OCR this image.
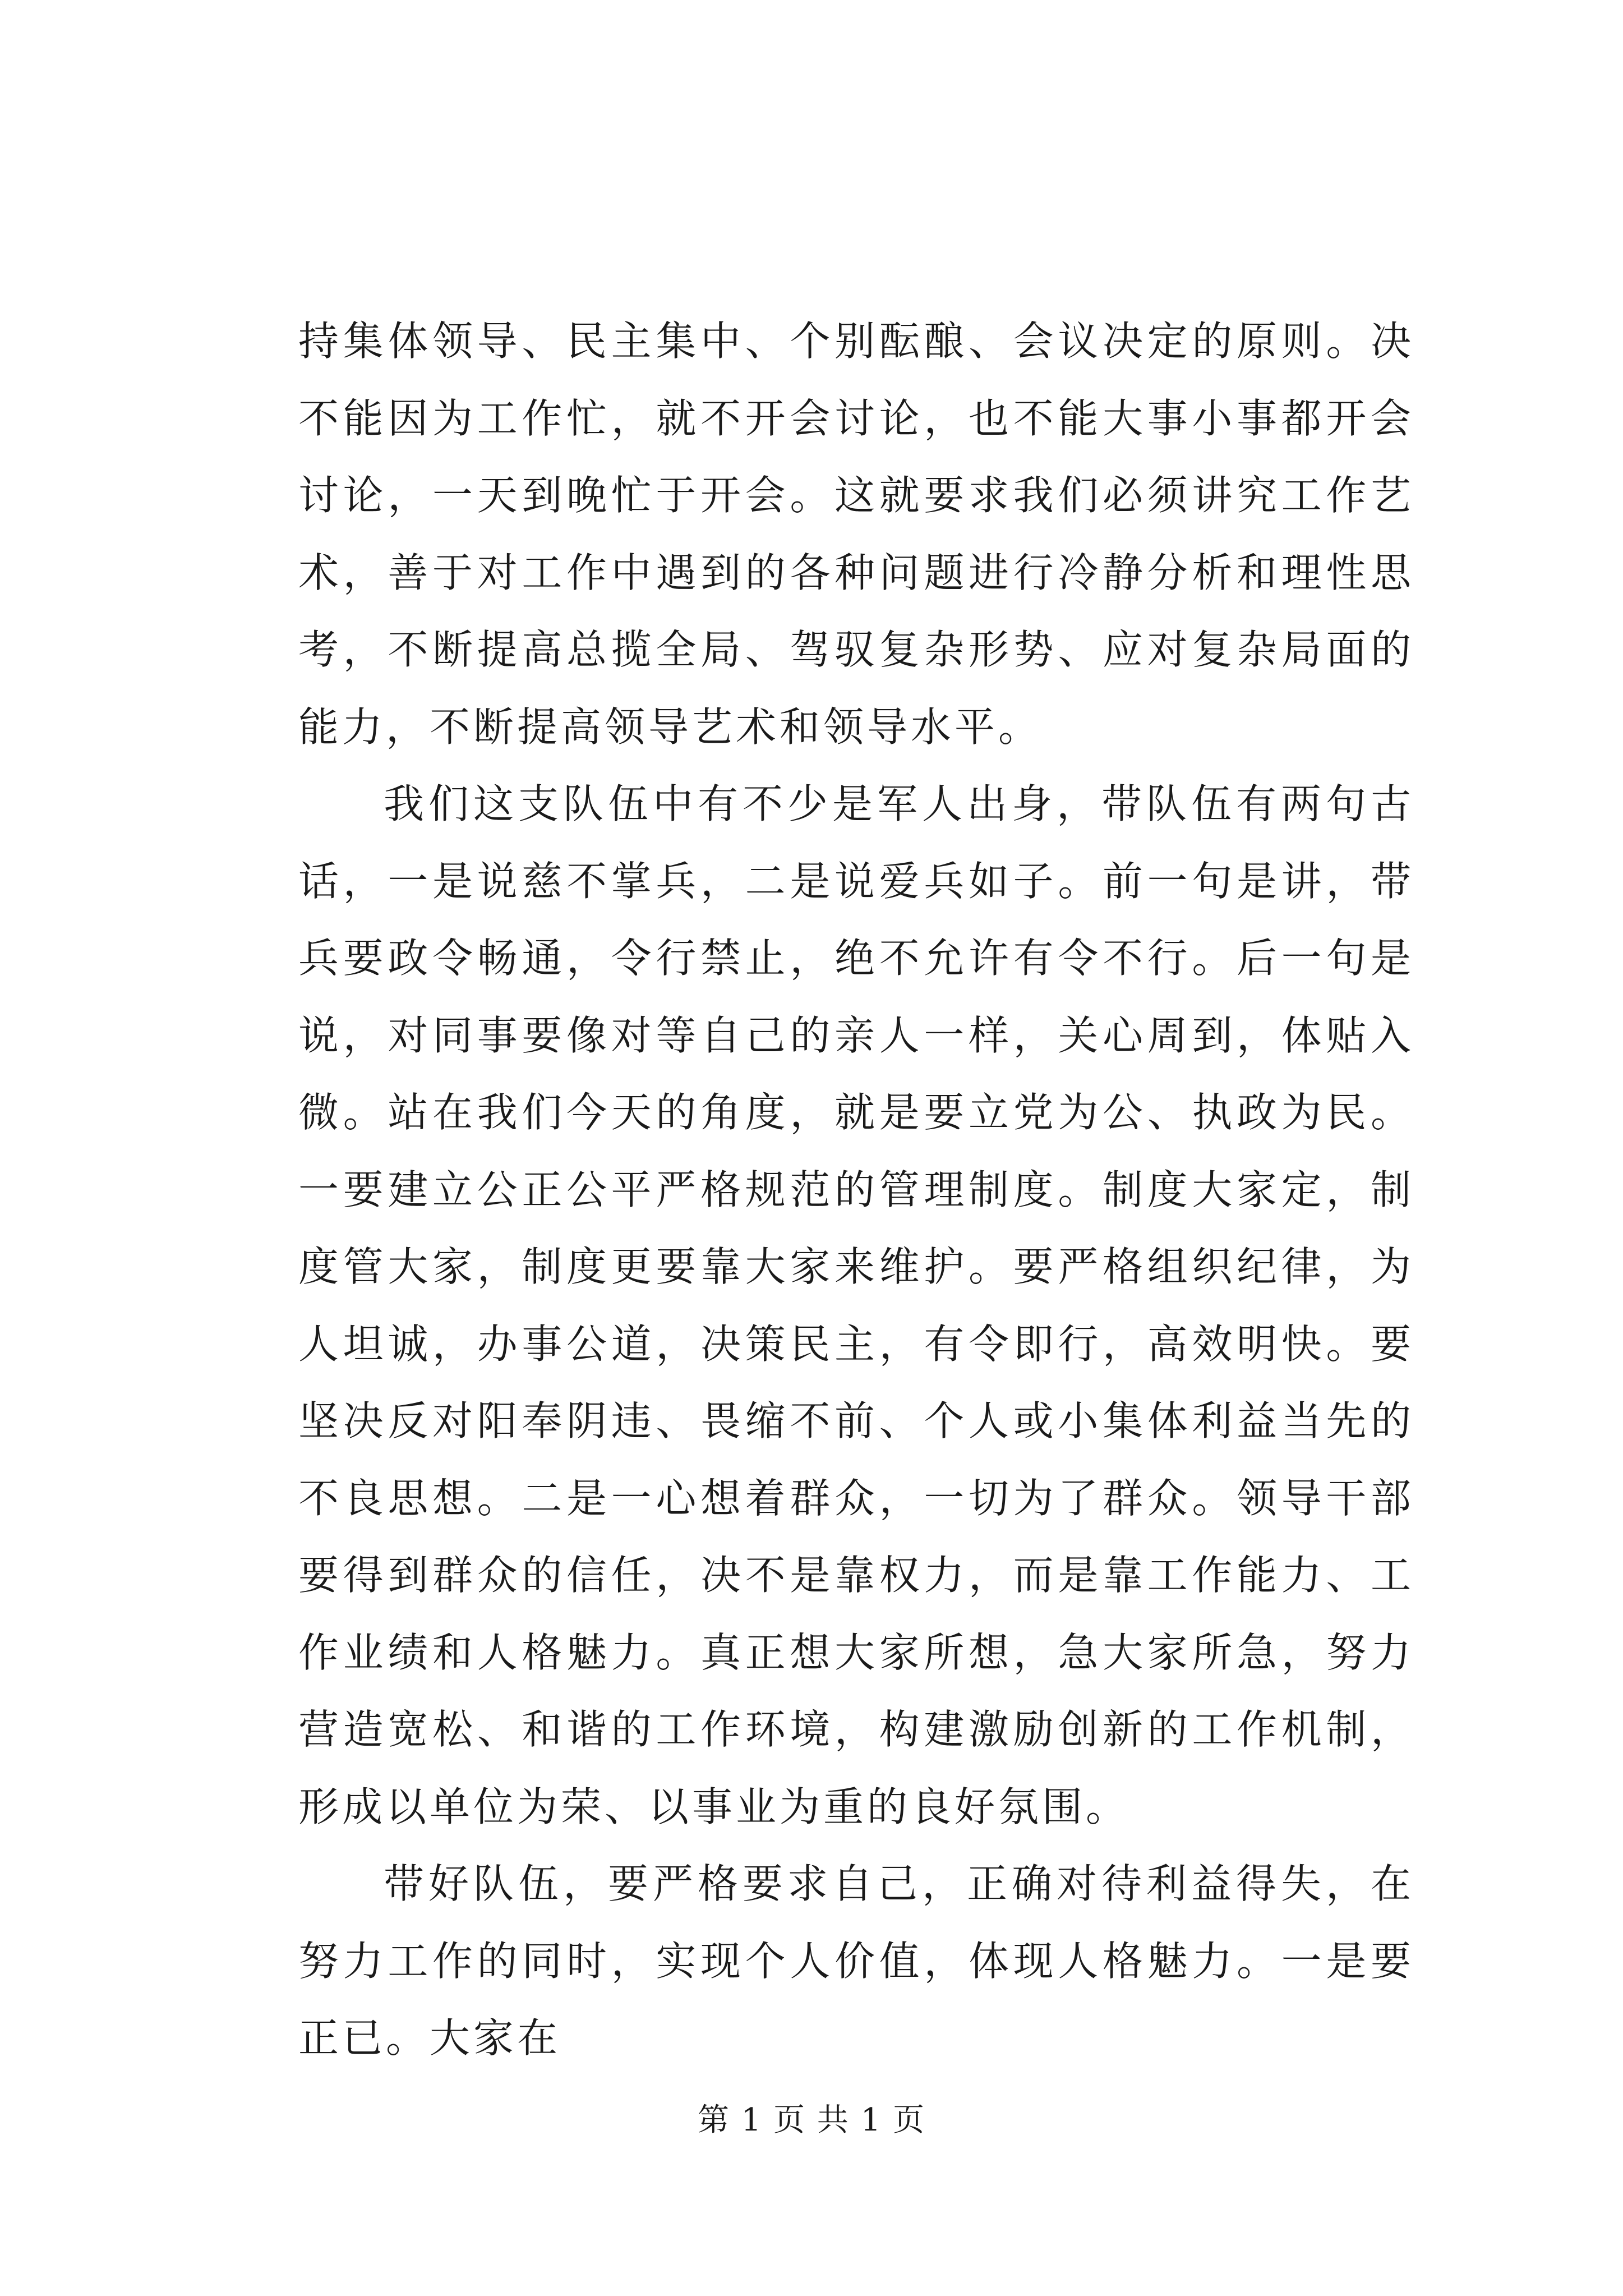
持集体领导、民主集中、个别酝酿、会议决定的原则。决不能因为工作忙，就不开会讨论，也不能大事小事都开会讨论，一天到晚忙于开会。这就要求我们必须讲究工作艺术，善于对工作中遇到的各种问题进行冷静分析和理性思考，不断提高总揽全局、驾驭复杂形势、应对复杂局面的能力，不断提高领导艺术和领导水平。

我们这支队伍中有不少是军人出身，带队伍有两句古话，一是说慈不掌兵，二是说爱兵如子。前一句是讲，带兵要政令畅通，令行禁止，绝不允许有令不行。后一句是说，对同事要像对等自己的亲人一样，关心周到，体贴入微。站在我们今天的角度，就是要立党为公、执政为民。一要建立公正公平严格规范的管理制度。制度大家定，制度管大家，制度更要靠大家来维护。要严格组织纪律，为人坦诚，办事公道，决策民主，有令即行，高效明快。要坚决反对阳奉阴违、畏缩不前、个人或小集体利益当先的不良思想。二是一心想着群众，一切为了群众。领导干部要得到群众的信任，决不是靠权力，而是靠工作能力、工作业绩和人格魅力。真正想大家所想，急大家所急，努力营造宽松、和谐的工作环境，构建激励创新的工作机制，形成以单位为荣、以事业为重的良好氛围。

带好队伍，要严格要求自己，正确对待利益得失，在努力工作的同时，实现个人价值，体现人格魅力。一是要正已。大家在

第 1 页 共 1 页
